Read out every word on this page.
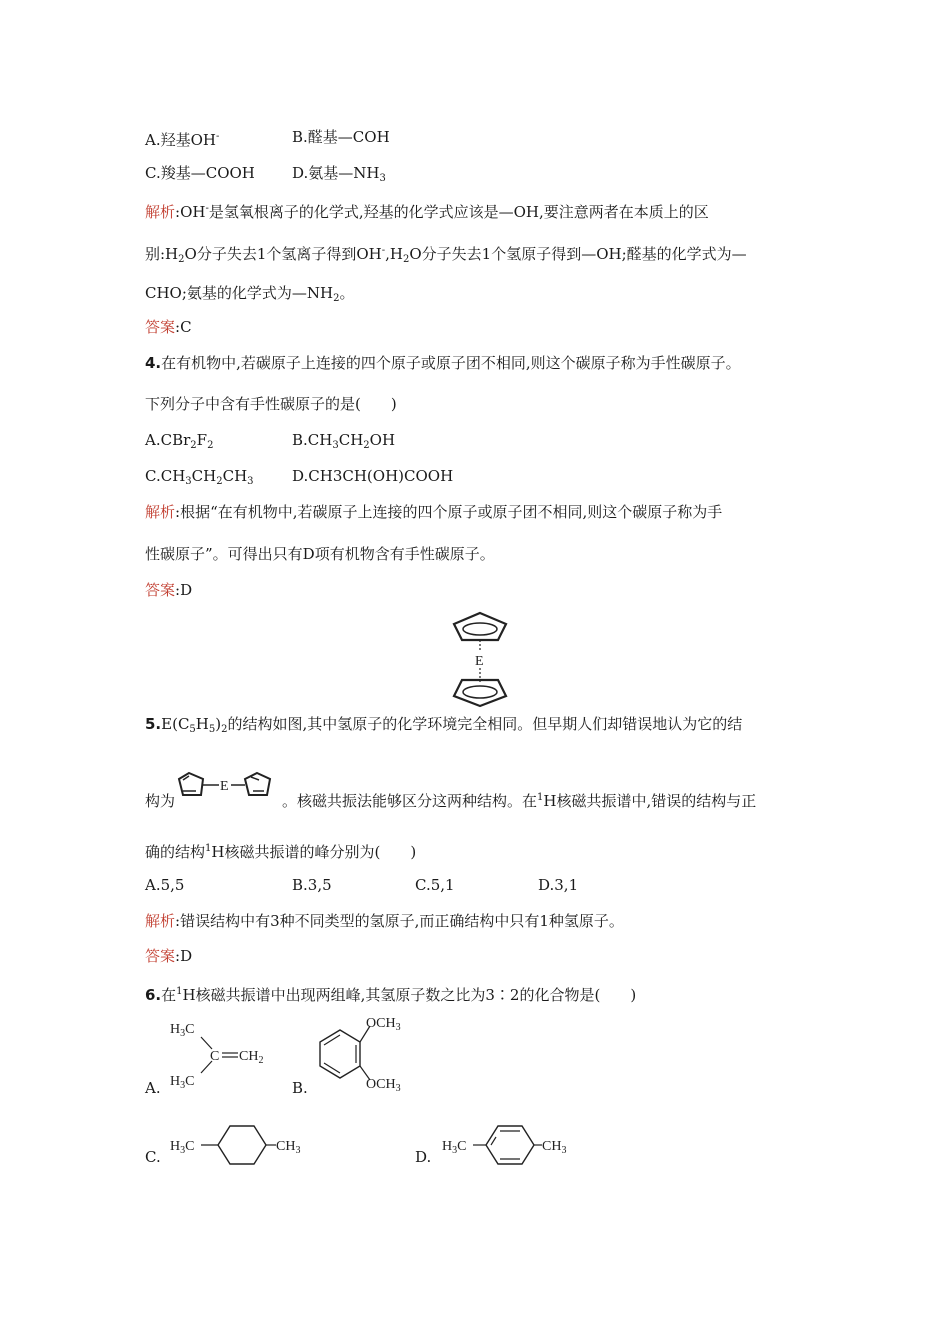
A.羟基OH-	B.醛基—COH
C.羧基—COOH D.氨基$—NH_3$
解析:OH-是氢氧根离子的化学式,羟基的化学式应该是—OH,要注意两者在本质上的区
别$:H_2O$分子失去1个氢离子得到$OH^-,H_2O$分子失去1个氢原子得到—OH;醛基的化学式为—
CHO;氨基的化学式为$—NH_2$。
答案:C
4.在有机物中,若碳原子上连接的四个原子或原子团不相同,则这个碳原子称为手性碳原子。
下列分子中含有手性碳原子的是(　　)
$A.CBr_2F_2$	$B.CH_3CH_2OH$
$C.CH_3CH_2CH_3$	D.CH3CH(OH)COOH
解析:根据“在有机物中,若碳原子上连接的四个原子或原子团不相同,则这个碳原子称为手
性碳原子”。可得出只有D项有机物含有手性碳原子。
答案:D
E
$5.E(C_5H_5)_2$的结构如图,其中氢原子的化学环境完全相同。但早期人们却错误地认为它的结
构为	。核磁共振法能够区分这两种结构。在$^1$H核磁共振谱中,错误的结构与正
E
确的结构$^1$H核磁共振谱的峰分别为(　　)
A.5,5	B.3,5	C.5,1	D.3,1
解析:错误结构中有3种不同类型的氢原子,而正确结构中只有1种氢原子。
答案:D
6.在$^1$H核磁共振谱中出现两组峰,其氢原子数之比为3∶2的化合物是(　　)
A.
$H_3C$
$H_3C$
C $CH_2$
B.
$OCH_3$
$OCH_3$
C.
$H_3C$	$CH_3$	D.
$H_3C$	$CH_3$
